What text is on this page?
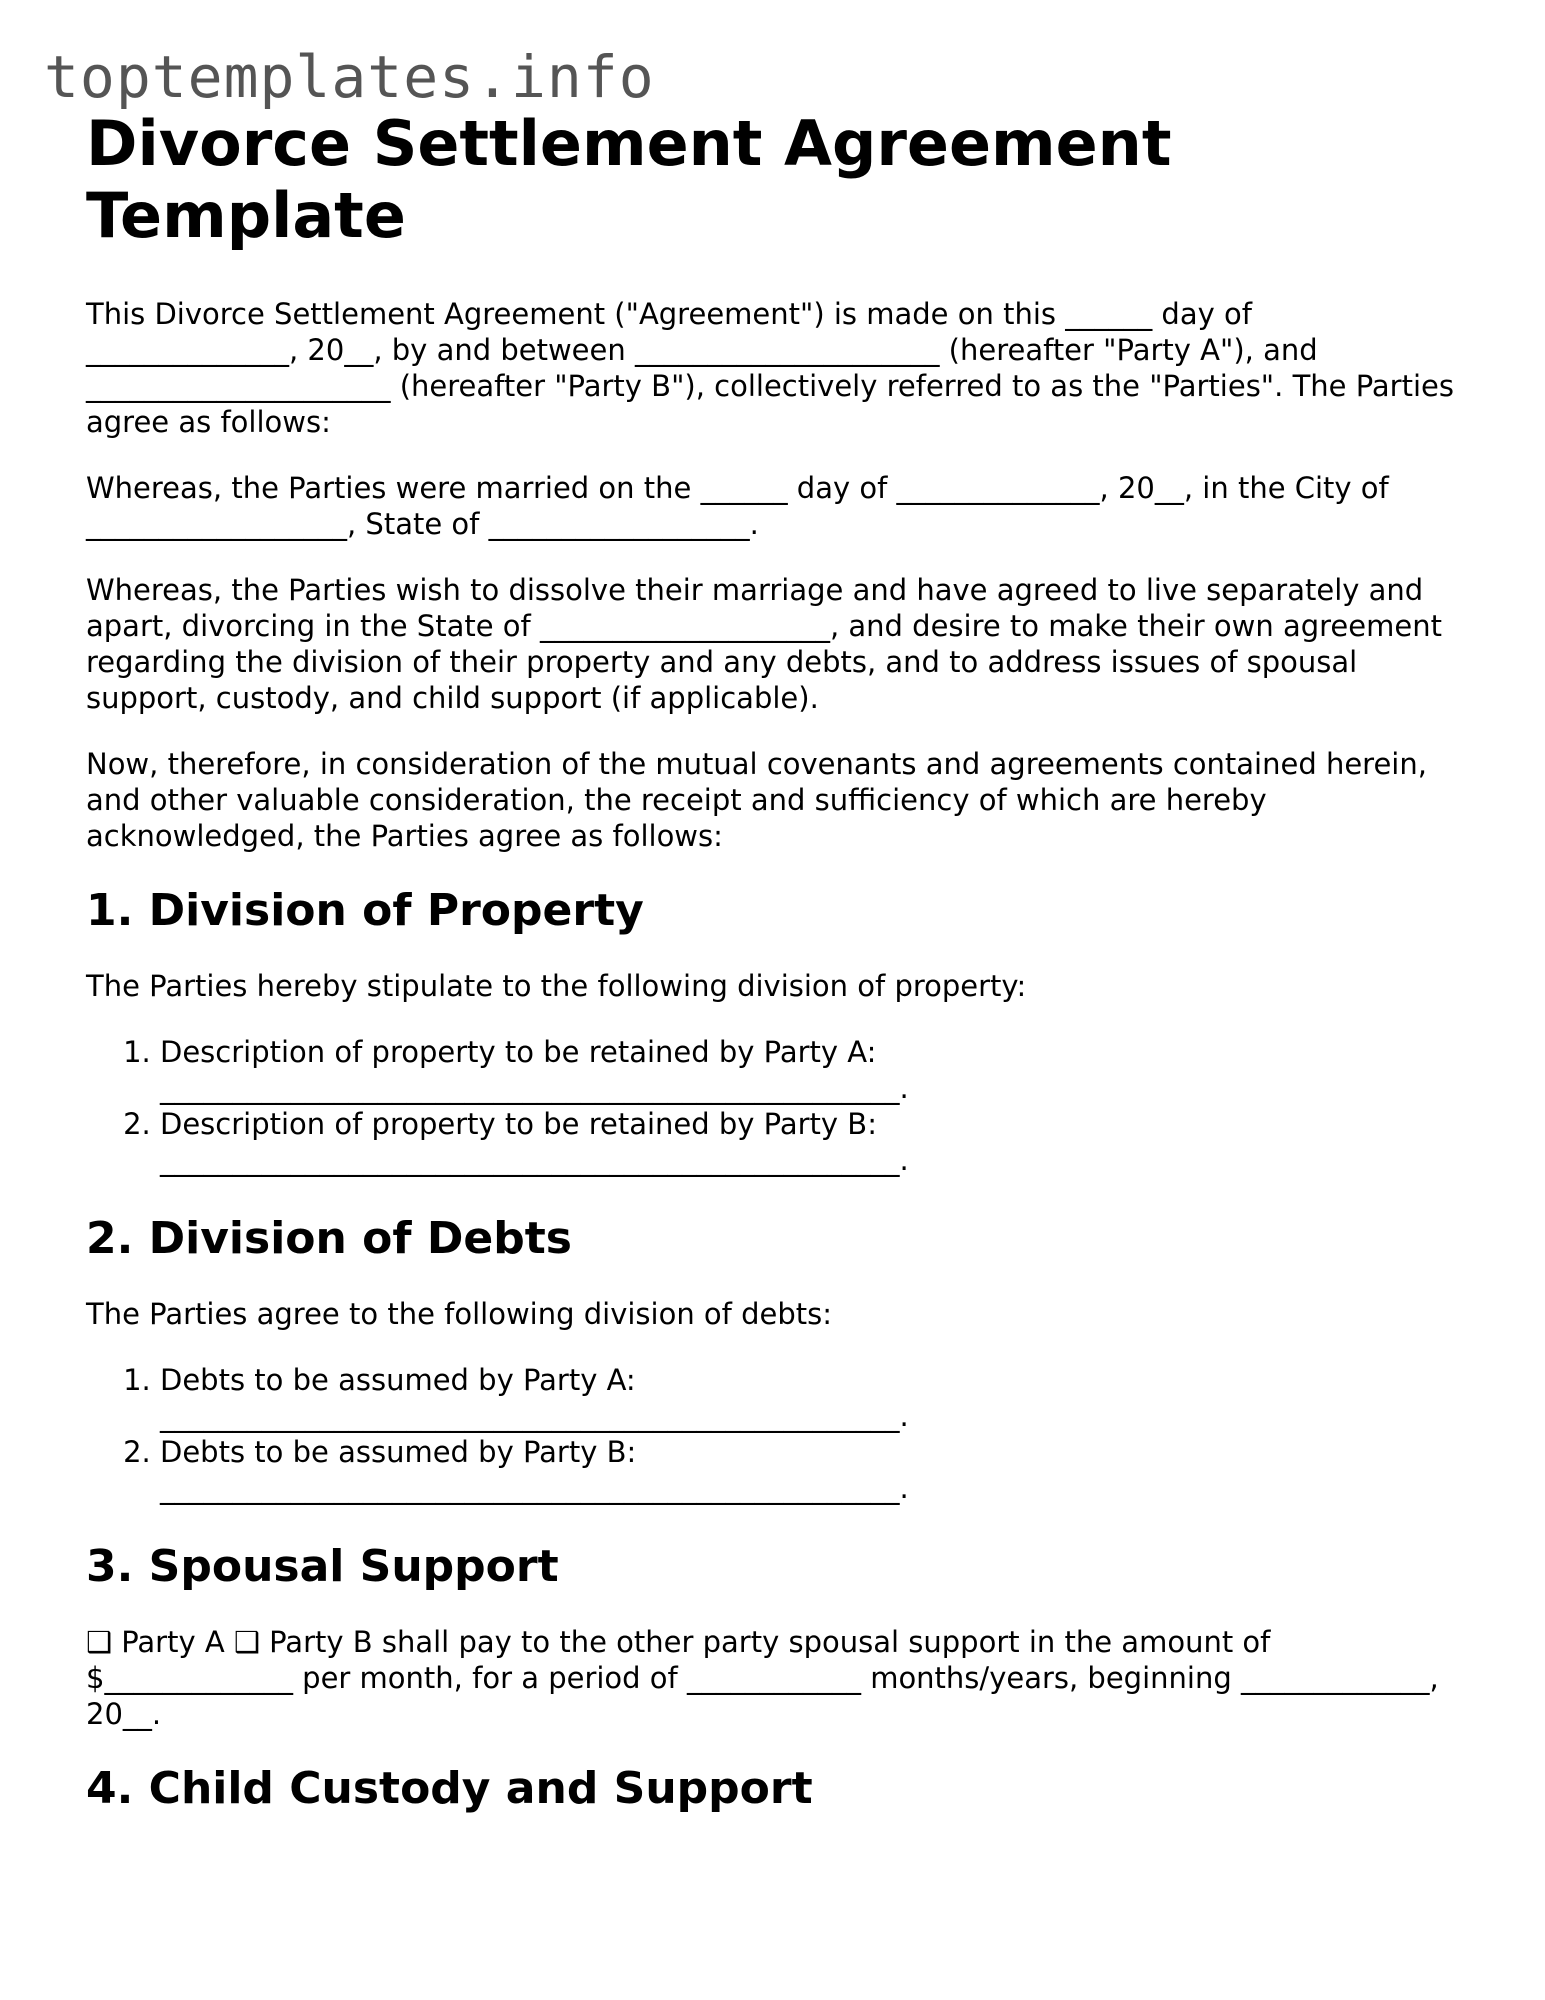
toptemplates.info
Divorce Settlement Agreement Template

This Divorce Settlement Agreement ("Agreement") is made on this ______ day of ______________, 20__, by and between _____________________ (hereafter "Party A"), and _____________________ (hereafter "Party B"), collectively referred to as the "Parties". The Parties agree as follows:

Whereas, the Parties were married on the ______ day of ______________, 20__, in the City of __________________, State of __________________.

Whereas, the Parties wish to dissolve their marriage and have agreed to live separately and apart, divorcing in the State of ____________________, and desire to make their own agreement regarding the division of their property and any debts, and to address issues of spousal support, custody, and child support (if applicable).

Now, therefore, in consideration of the mutual covenants and agreements contained herein, and other valuable consideration, the receipt and sufficiency of which are hereby acknowledged, the Parties agree as follows:

1. Division of Property

The Parties hereby stipulate to the following division of property:

1. Description of property to be retained by Party A:
___________________________________________________.
2. Description of property to be retained by Party B:
___________________________________________________.
2. Division of Debts

The Parties agree to the following division of debts:

1. Debts to be assumed by Party A:
___________________________________________________.
2. Debts to be assumed by Party B:
___________________________________________________.
3. Spousal Support

❑ Party A ❑ Party B shall pay to the other party spousal support in the amount of $_____________ per month, for a period of ____________ months/years, beginning _____________, 20__.

4. Child Custody and Support
